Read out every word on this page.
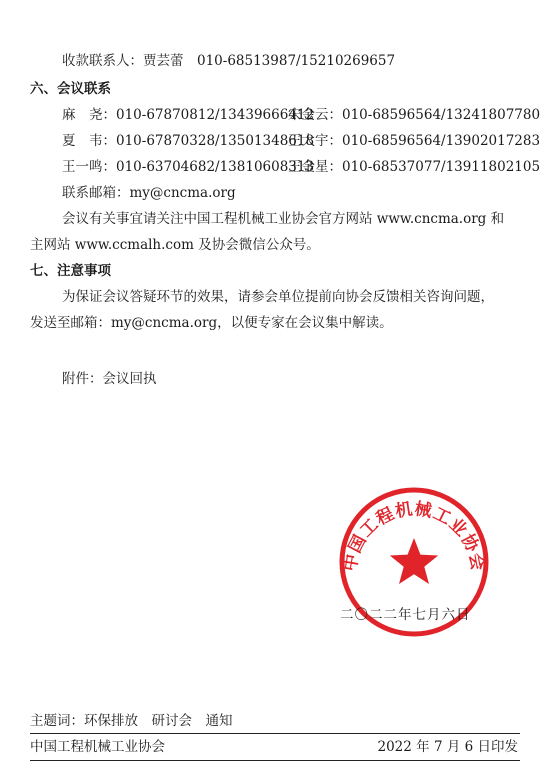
收款联系人：贾芸蕾　010-68513987/15210269657
六、会议联系
麻　尧：010-67870812/13439666412
宋金云：010-68596564/13241807780
夏　韦：010-67870328/13501348618
王大宇：010-68596564/13902017283
王一鸣：010-63704682/13810608313
王金星：010-68537077/13911802105
联系邮箱：my@cncma.org
会议有关事宜请关注中国工程机械工业协会官方网站 www.cncma.org 和
主网站 www.ccmalh.com 及协会微信公众号。
七、注意事项
为保证会议答疑环节的效果，请参会单位提前向协会反馈相关咨询问题，
发送至邮箱：my@cncma.org，以便专家在会议集中解读。
附件：会议回执
中国工程机械工业协会
二〇二二年七月六日
主题词：环保排放　研讨会　通知
中国工程机械工业协会	2022 年 7 月 6 日印发
